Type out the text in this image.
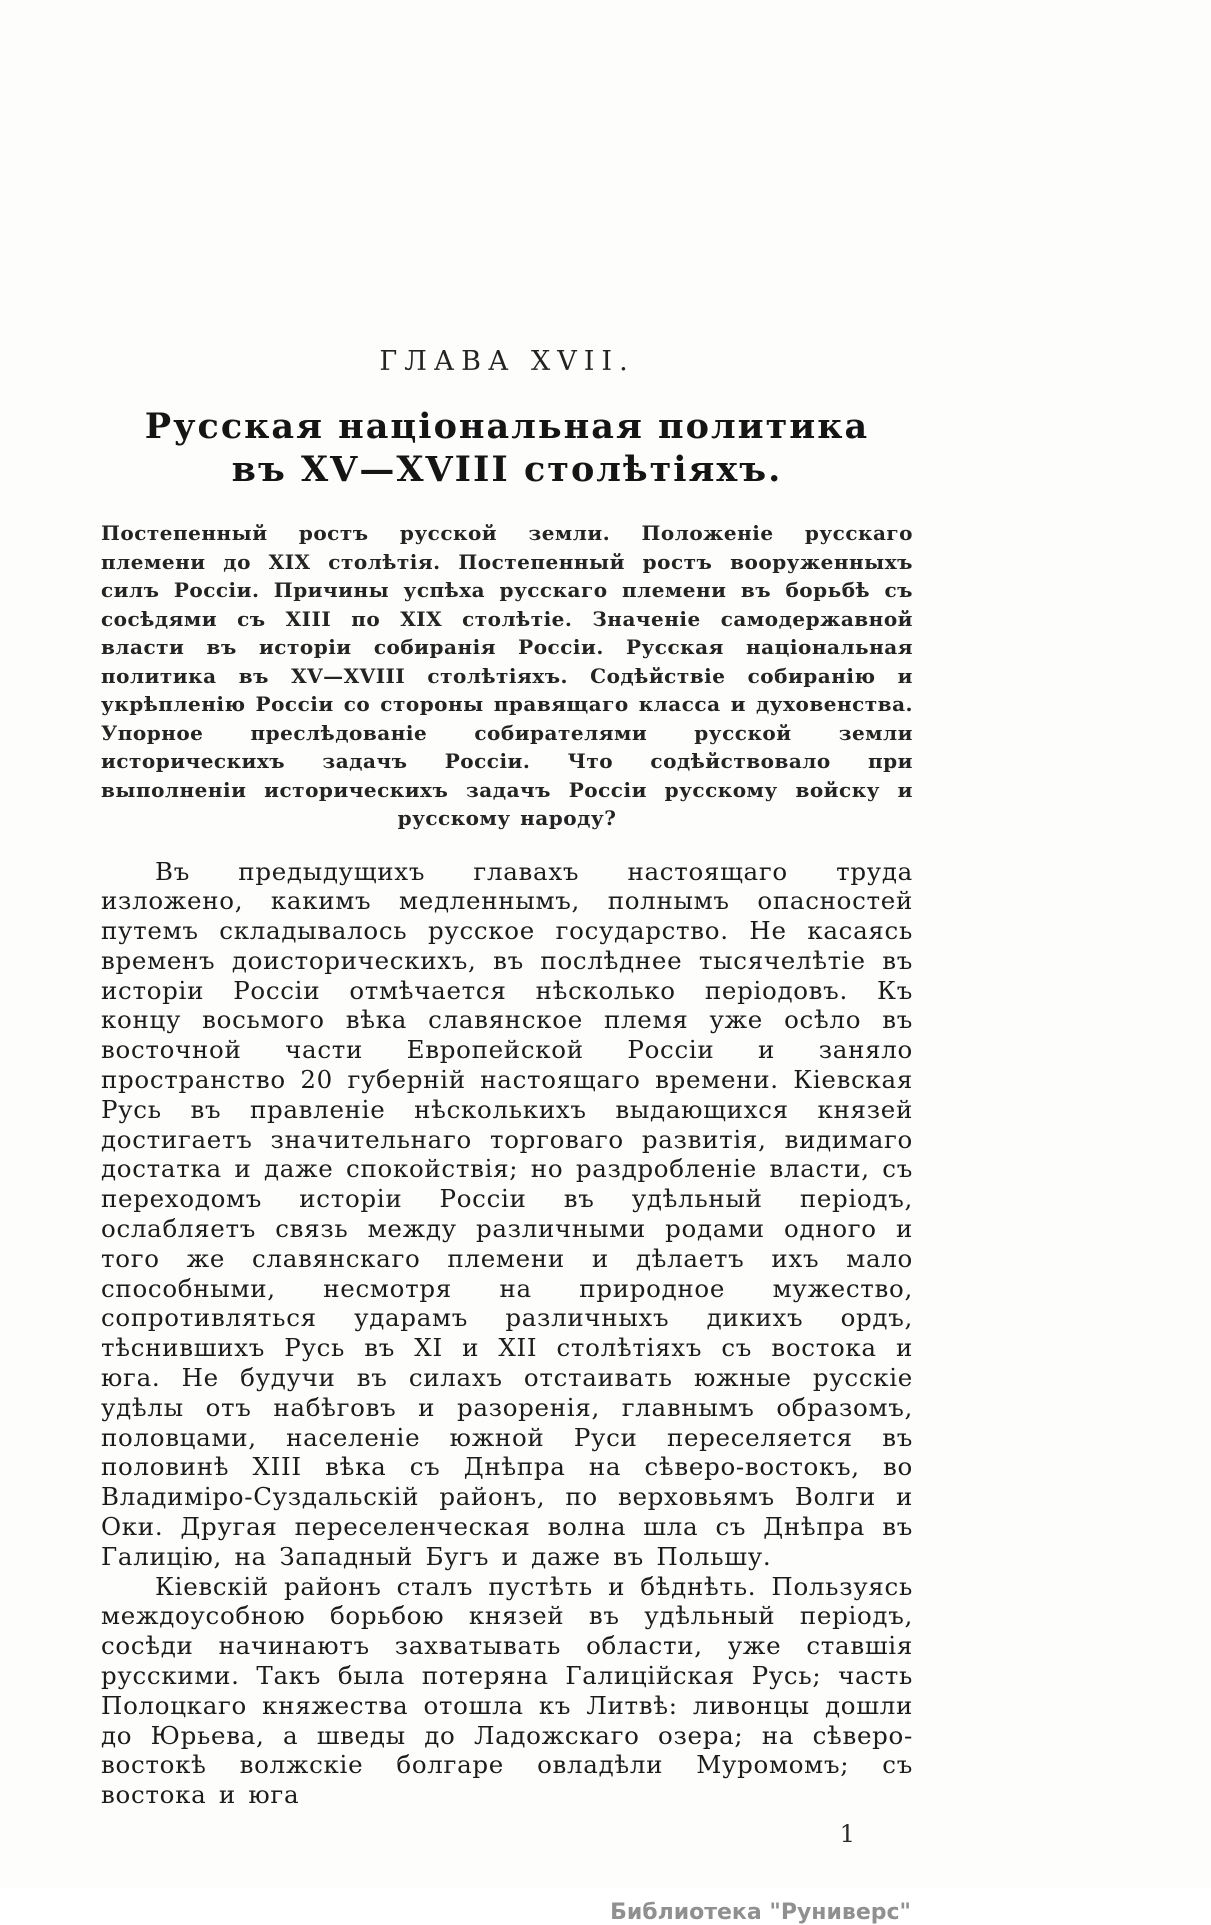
ГЛАВА XVII.
Русская національная политика
въ XV—XVIII столѣтіяхъ.
Постепенный ростъ русской земли. Положеніе русскаго племени до XIX столѣтія. Постепенный ростъ вооруженныхъ силъ Россіи. Причины успѣха русскаго племени въ борьбѣ съ сосѣдями съ XIII по XIX столѣтіе. Значеніе самодержавной власти въ исторіи собиранія Россіи. Русская національная политика въ XV—XVIII столѣтіяхъ. Содѣйствіе собиранію и укрѣпленію Россіи со стороны правящаго класса и духовенства. Упорное преслѣдованіе собирателями русской земли историческихъ задачъ Россіи. Что содѣйствовало при выполненіи историческихъ задачъ Россіи русскому войску и русскому народу?

Въ предыдущихъ главахъ настоящаго труда изложено, какимъ медленнымъ, полнымъ опасностей путемъ складывалось русское государство. Не касаясь временъ доисторическихъ, въ послѣднее тысячелѣтіе въ исторіи Россіи отмѣчается нѣсколько періодовъ. Къ концу восьмого вѣка славянское племя уже осѣло въ восточной части Европейской Россіи и заняло пространство 20 губерній настоящаго времени. Кіевская Русь въ правленіе нѣсколькихъ выдающихся князей достигаетъ значительнаго торговаго развитія, видимаго достатка и даже спокойствія; но раздробленіе власти, съ переходомъ исторіи Россіи въ удѣльный періодъ, ослабляетъ связь между различными родами одного и того же славянскаго племени и дѣлаетъ ихъ мало способными, несмотря на природное мужество, сопротивляться ударамъ различныхъ дикихъ ордъ, тѣснившихъ Русь въ XI и XII столѣтіяхъ съ востока и юга. Не будучи въ силахъ отстаивать южные русскіе удѣлы отъ набѣговъ и разоренія, главнымъ образомъ, половцами, населеніе южной Руси переселяется въ половинѣ XIII вѣка съ Днѣпра на сѣверо-востокъ, во Владиміро-Суздальскій районъ, по верховьямъ Волги и Оки. Другая переселенческая волна шла съ Днѣпра въ Галицію, на Западный Бугъ и даже въ Польшу.

Кіевскій районъ сталъ пустѣть и бѣднѣть. Пользуясь междоусобною борьбою князей въ удѣльный періодъ, сосѣди начинаютъ захватывать области, уже ставшія русскими. Такъ была потеряна Галиційская Русь; часть Полоцкаго княжества отошла къ Литвѣ: ливонцы дошли до Юрьева, а шведы до Ладожскаго озера; на сѣверо-востокѣ волжскіе болгаре овладѣли Муромомъ; съ востока и юга

1
Библиотека "Руниверс"
